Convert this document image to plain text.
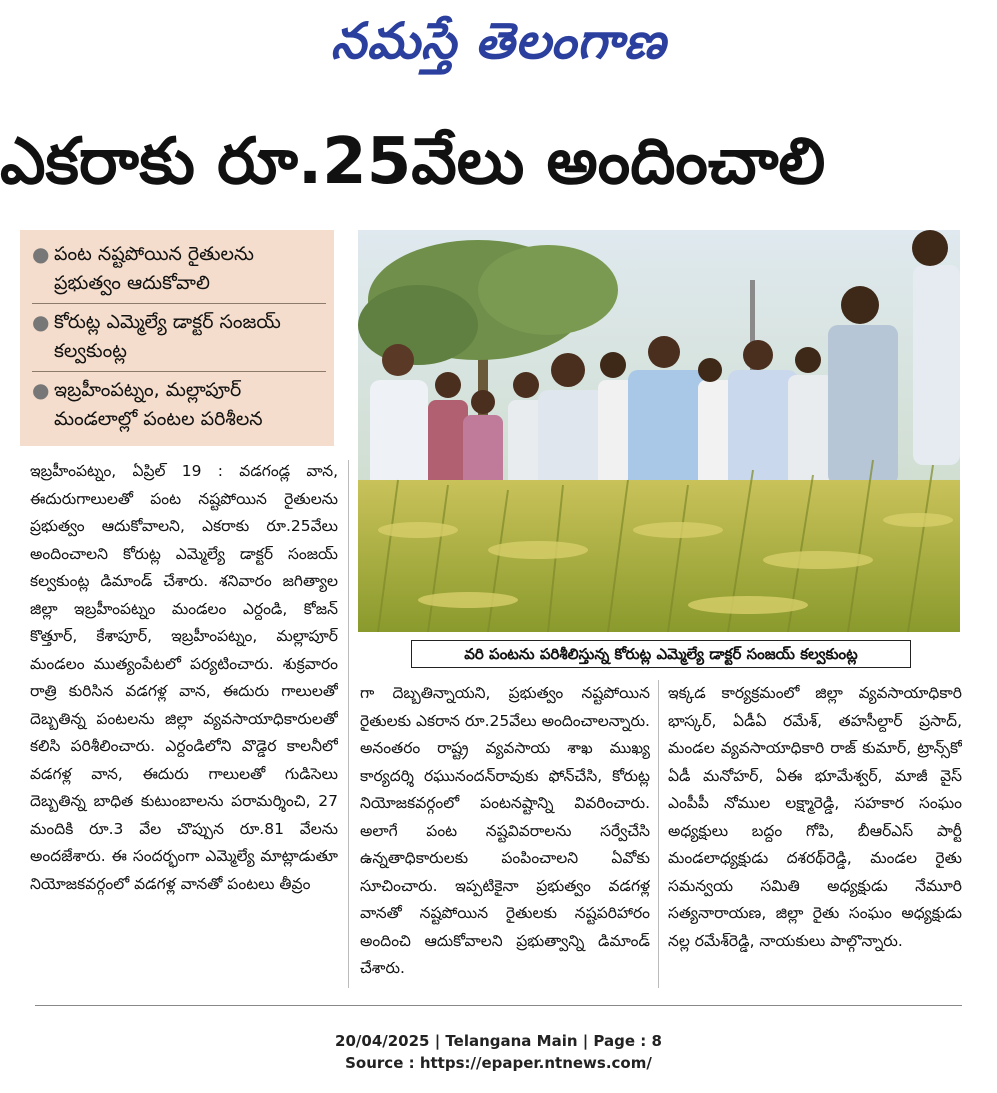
నమస్తే తెలంగాణ
ఎకరాకు రూ.25వేలు అందించాలి
● పంట నష్టపోయిన రైతులను ప్రభుత్వం ఆదుకోవాలి
● కోరుట్ల ఎమ్మెల్యే డాక్టర్ సంజయ్ కల్వకుంట్ల
● ఇబ్రహీంపట్నం, మల్లాపూర్ మండలాల్లో పంటల పరిశీలన
వరి పంటను పరిశీలిస్తున్న కోరుట్ల ఎమ్మెల్యే డాక్టర్ సంజయ్ కల్వకుంట్ల
ఇబ్రహీంపట్నం, ఏప్రిల్ 19 : వడగండ్ల వాన, ఈదురుగాలులతో పంట నష్టపోయిన రైతులను ప్రభుత్వం ఆదుకోవాలని, ఎకరాకు రూ.25వేలు అందించాలని కోరుట్ల ఎమ్మెల్యే డాక్టర్ సంజయ్ కల్వకుంట్ల డిమాండ్ చేశారు. శనివారం జగిత్యాల జిల్లా ఇబ్రహీంపట్నం మండలం ఎర్దండి, కోజన్ కొత్తూర్, కేశాపూర్, ఇబ్రహీంపట్నం, మల్లాపూర్ మండలం ముత్యంపేటలో పర్యటించారు. శుక్రవారం రాత్రి కురిసిన వడగళ్ల వాన, ఈదురు గాలులతో దెబ్బతిన్న పంటలను జిల్లా వ్యవసాయాధికారులతో కలిసి పరిశీలించారు. ఎర్దండిలోని వొడ్డెర కాలనీలో వడగళ్ల వాన, ఈదురు గాలులతో గుడిసెలు దెబ్బతిన్న బాధిత కుటుంబాలను పరామర్శించి, 27 మందికి రూ.3 వేల చొప్పున రూ.81 వేలను అందజేశారు. ఈ సందర్భంగా ఎమ్మెల్యే మాట్లాడుతూ నియోజకవర్గంలో వడగళ్ల వానతో పంటలు తీవ్రం
గా దెబ్బతిన్నాయని, ప్రభుత్వం నష్టపోయిన రైతులకు ఎకరాన రూ.25వేలు అందించాలన్నారు. అనంతరం రాష్ట్ర వ్యవసాయ శాఖ ముఖ్య కార్యదర్శి రఘునందన్‌రావుకు ఫోన్‌చేసి, కోరుట్ల నియోజకవర్గంలో పంటనష్టాన్ని వివరించారు. అలాగే పంట నష్టవివరాలను సర్వేచేసి ఉన్నతాధికారులకు పంపించాలని ఏవోకు సూచించారు. ఇప్పటికైనా ప్రభుత్వం వడగళ్ల వానతో నష్టపోయిన రైతులకు నష్టపరిహారం అందించి ఆదుకోవాలని ప్రభుత్వాన్ని డిమాండ్ చేశారు.
ఇక్కడ కార్యక్రమంలో జిల్లా వ్యవసాయాధికారి భాస్కర్, ఏడీఏ రమేశ్, తహసీల్దార్ ప్రసాద్, మండల వ్యవసాయాధికారి రాజ్ కుమార్, ట్రాన్స్‌కో ఏడీ మనోహర్, ఏఈ భూమేశ్వర్, మాజీ వైస్ ఎంపీపీ నోముల లక్ష్మారెడ్డి, సహకార సంఘం అధ్యక్షులు బద్దం గోపి, బీఆర్‌ఎస్ పార్టీ మండలాధ్యక్షుడు దశరథ్‌రెడ్డి, మండల రైతు సమన్వయ సమితి అధ్యక్షుడు నేమూరి సత్యనారాయణ, జిల్లా రైతు సంఘం అధ్యక్షుడు నల్ల రమేశ్‌రెడ్డి, నాయకులు పాల్గొన్నారు.
20/04/2025 | Telangana Main | Page : 8
Source : https://epaper.ntnews.com/
